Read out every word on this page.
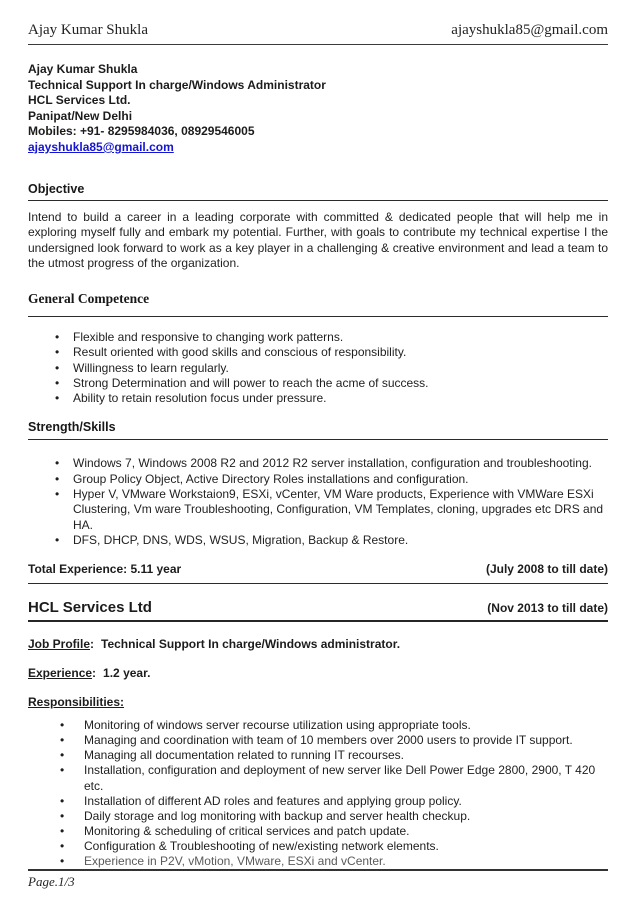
Ajay Kumar Shukla	ajayshukla85@gmail.com
Ajay Kumar Shukla
Technical Support In charge/Windows Administrator
HCL Services Ltd.
Panipat/New Delhi
Mobiles: +91- 8295984036, 08929546005
ajayshukla85@gmail.com
Objective

Intend to build a career in a leading corporate with committed & dedicated people that will help me in exploring myself fully and embark my potential. Further, with goals to contribute my technical expertise I the undersigned look forward to work as a key player in a challenging & creative environment and lead a team to the utmost progress of the organization.

General Competence
• Flexible and responsive to changing work patterns.
• Result oriented with good skills and conscious of responsibility.
• Willingness to learn regularly.
• Strong Determination and will power to reach the acme of success.
• Ability to retain resolution focus under pressure.
Strength/Skills
• Windows 7, Windows 2008 R2 and 2012 R2 server installation, configuration and troubleshooting.
• Group Policy Object, Active Directory Roles installations and configuration.
• Hyper V, VMware Workstaion9, ESXi, vCenter, VM Ware products, Experience with VMWare ESXi Clustering, Vm ware Troubleshooting, Configuration, VM Templates, cloning, upgrades etc DRS and HA.
• DFS, DHCP, DNS, WDS, WSUS, Migration, Backup & Restore.
Total Experience: 5.11 year	(July 2008 to till date)
HCL Services Ltd	(Nov 2013 to till date)

Job Profile: Technical Support In charge/Windows administrator.

Experience: 1.2 year.

Responsibilities:

• Monitoring of windows server recourse utilization using appropriate tools.
• Managing and coordination with team of 10 members over 2000 users to provide IT support.
• Managing all documentation related to running IT recourses.
• Installation, configuration and deployment of new server like Dell Power Edge 2800, 2900, T 420 etc.
• Installation of different AD roles and features and applying group policy.
• Daily storage and log monitoring with backup and server health checkup.
• Monitoring & scheduling of critical services and patch update.
• Configuration & Troubleshooting of new/existing network elements.
• Experience in P2V, vMotion, VMware, ESXi and vCenter.
Page.1/3
